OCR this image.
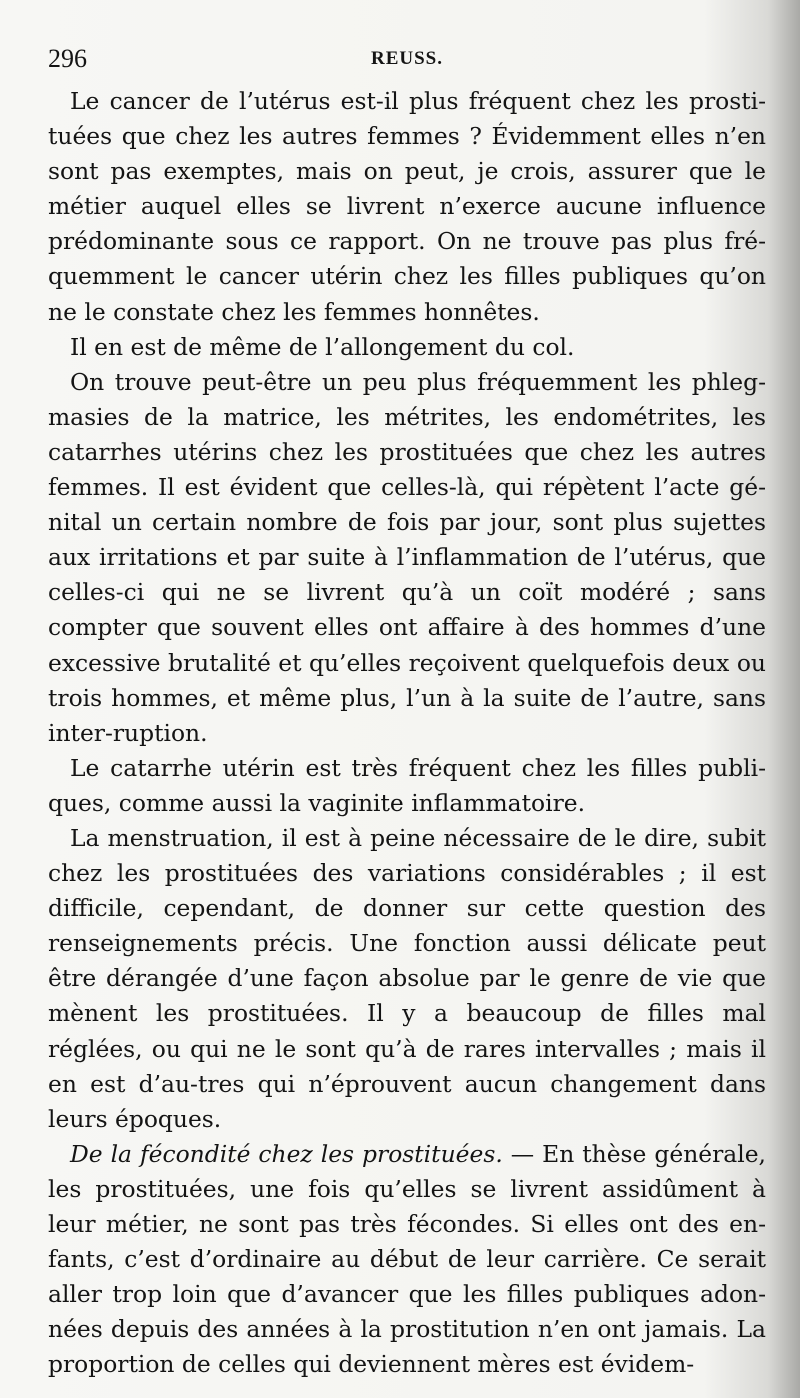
296	REUSS.

Le cancer de l’utérus est-il plus fréquent chez les prosti-tuées que chez les autres femmes ? Évidemment elles n’en sont pas exemptes, mais on peut, je crois, assurer que le métier auquel elles se livrent n’exerce aucune influence prédominante sous ce rapport. On ne trouve pas plus fré-quemment le cancer utérin chez les filles publiques qu’on ne le constate chez les femmes honnêtes.

Il en est de même de l’allongement du col.

On trouve peut-être un peu plus fréquemment les phleg-masies de la matrice, les métrites, les endométrites, les catarrhes utérins chez les prostituées que chez les autres femmes. Il est évident que celles-là, qui répètent l’acte gé-nital un certain nombre de fois par jour, sont plus sujettes aux irritations et par suite à l’inflammation de l’utérus, que celles-ci qui ne se livrent qu’à un coït modéré ; sans compter que souvent elles ont affaire à des hommes d’une excessive brutalité et qu’elles reçoivent quelquefois deux ou trois hommes, et même plus, l’un à la suite de l’autre, sans inter-ruption.

Le catarrhe utérin est très fréquent chez les filles publi-ques, comme aussi la vaginite inflammatoire.

La menstruation, il est à peine nécessaire de le dire, subit chez les prostituées des variations considérables ; il est difficile, cependant, de donner sur cette question des renseignements précis. Une fonction aussi délicate peut être dérangée d’une façon absolue par le genre de vie que mènent les prostituées. Il y a beaucoup de filles mal réglées, ou qui ne le sont qu’à de rares intervalles ; mais il en est d’au-tres qui n’éprouvent aucun changement dans leurs époques.

De la fécondité chez les prostituées. — En thèse générale, les prostituées, une fois qu’elles se livrent assidûment à leur métier, ne sont pas très fécondes. Si elles ont des en-fants, c’est d’ordinaire au début de leur carrière. Ce serait aller trop loin que d’avancer que les filles publiques adon-nées depuis des années à la prostitution n’en ont jamais. La proportion de celles qui deviennent mères est évidem-
